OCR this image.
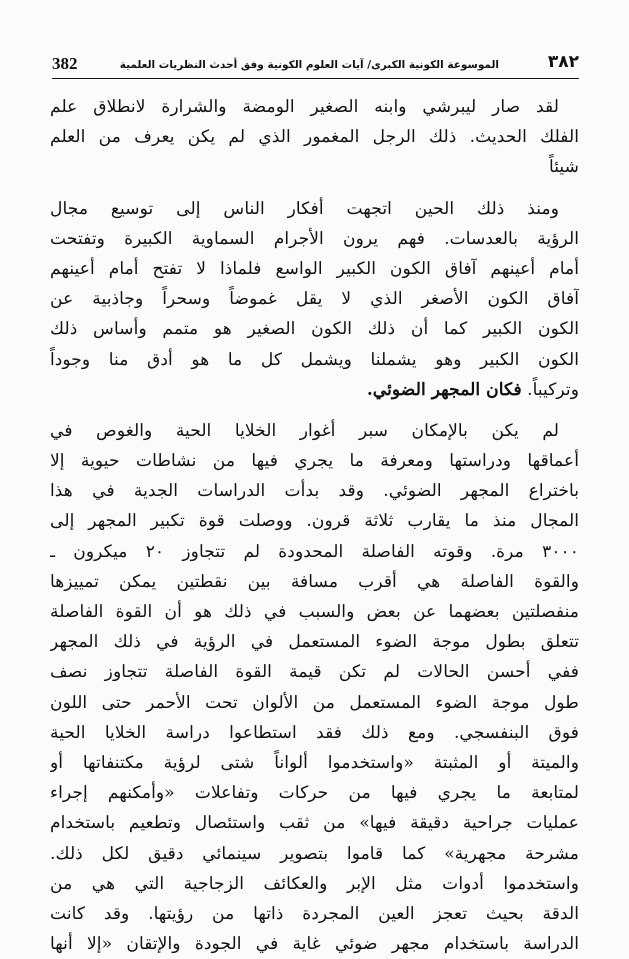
382	الموسوعة الكونية الكبرى/ آيات العلوم الكونية وفق أحدث النظريات العلمية	٣٨٢
لقد صار ليبرشي وابنه الصغير الومضة والشرارة لانطلاق علم
الفلك الحديث. ذلك الرجل المغمور الذي لم يكن يعرف من العلم
شيئاً
ومنذ ذلك الحين اتجهت أفكار الناس إلى توسيع مجال
الرؤية بالعدسات. فهم يرون الأجرام السماوية الكبيرة وتفتحت
أمام أعينهم آفاق الكون الكبير الواسع فلماذا لا تفتح أمام أعينهم
آفاق الكون الأصغر الذي لا يقل غموضاً وسحراً وجاذبية عن
الكون الكبير كما أن ذلك الكون الصغير هو متمم وأساس ذلك
الكون الكبير وهو يشملنا ويشمل كل ما هو أدق منا وجوداً
وتركيباً. فكان المجهر الضوئي.
لم يكن بالإمكان سبر أغوار الخلايا الحية والغوص في
أعماقها ودراستها ومعرفة ما يجري فيها من نشاطات حيوية إلا
باختراع المجهر الضوئي. وقد بدأت الدراسات الجدية في هذا
المجال منذ ما يقارب ثلاثة قرون. ووصلت قوة تكبير المجهر إلى
٣٠٠٠ مرة. وقوته الفاصلة المحدودة لم تتجاوز ٢٠ ميكرون ـ
والقوة الفاصلة هي أقرب مسافة بين نقطتين يمكن تمييزها
منفصلتين بعضهما عن بعض والسبب في ذلك هو أن القوة الفاصلة
تتعلق بطول موجة الضوء المستعمل في الرؤية في ذلك المجهر
ففي أحسن الحالات لم تكن قيمة القوة الفاصلة تتجاوز نصف
طول موجة الضوء المستعمل من الألوان تحت الأحمر حتى اللون
فوق البنفسجي. ومع ذلك فقد استطاعوا دراسة الخلايا الحية
والميتة أو المثبتة «واستخدموا ألواناً شتى لرؤية مكتنفاتها أو
لمتابعة ما يجري فيها من حركات وتفاعلات «وأمكنهم إجراء
عمليات جراحية دقيقة فيها» من ثقب واستئصال وتطعيم باستخدام
مشرحة مجهرية» كما قاموا بتصوير سينمائي دقيق لكل ذلك.
واستخدموا أدوات مثل الإبر والعكائف الزجاجية التي هي من
الدقة بحيث تعجز العين المجردة ذاتها من رؤيتها. وقد كانت
الدراسة باستخدام مجهر ضوئي غاية في الجودة والإتقان «إلا أنها
